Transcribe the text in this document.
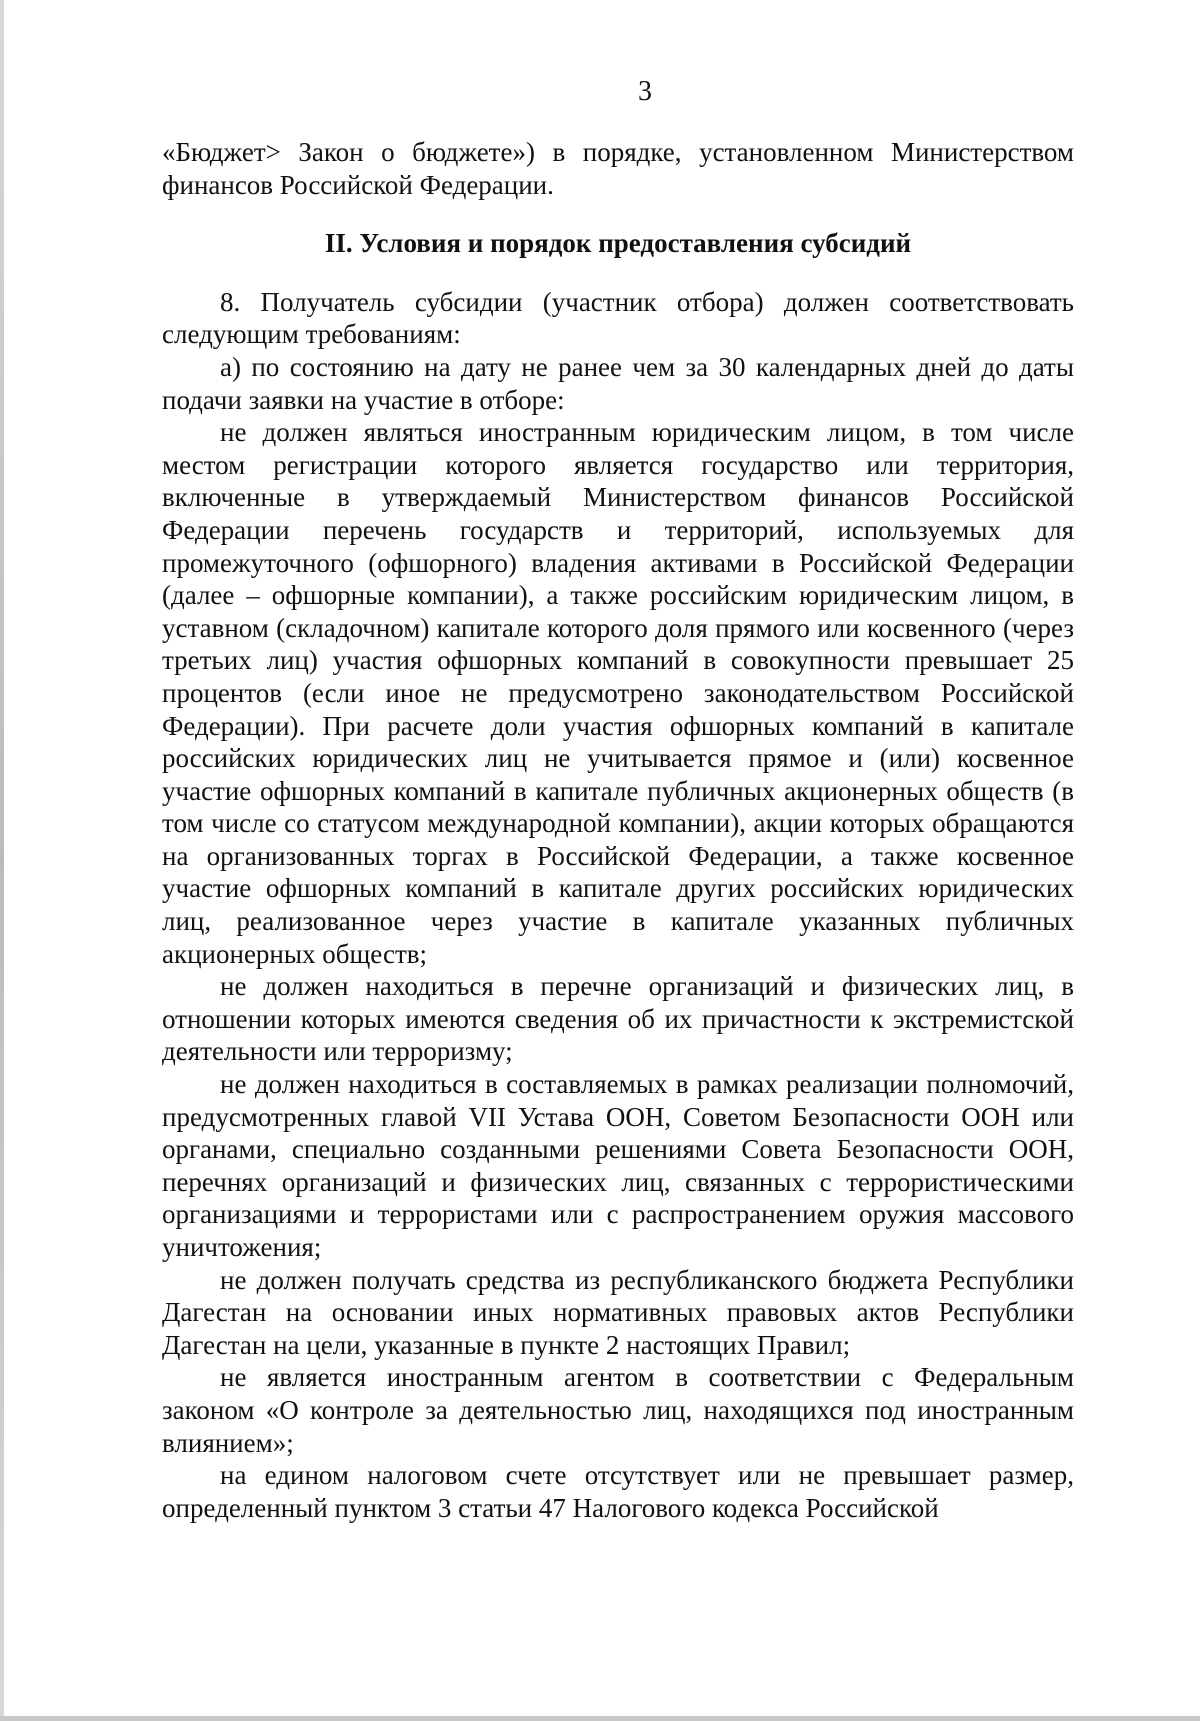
3

«Бюджет> Закон о бюджете») в порядке, установленном Министерством финансов Российской Федерации.

II. Условия и порядок предоставления субсидий

8. Получатель субсидии (участник отбора) должен соответствовать следующим требованиям:

а) по состоянию на дату не ранее чем за 30 календарных дней до даты подачи заявки на участие в отборе:

не должен являться иностранным юридическим лицом, в том числе местом регистрации которого является государство или территория, включенные в утверждаемый Министерством финансов Российской Федерации перечень государств и территорий, используемых для промежуточного (офшорного) владения активами в Российской Федерации (далее – офшорные компании), а также российским юридическим лицом, в уставном (складочном) капитале которого доля прямого или косвенного (через третьих лиц) участия офшорных компаний в совокупности превышает 25 процентов (если иное не предусмотрено законодательством Российской Федерации). При расчете доли участия офшорных компаний в капитале российских юридических лиц не учитывается прямое и (или) косвенное участие офшорных компаний в капитале публичных акционерных обществ (в том числе со статусом международной компании), акции которых обращаются на организованных торгах в Российской Федерации, а также косвенное участие офшорных компаний в капитале других российских юридических лиц, реализованное через участие в капитале указанных публичных акционерных обществ;

не должен находиться в перечне организаций и физических лиц, в отношении которых имеются сведения об их причастности к экстремистской деятельности или терроризму;

не должен находиться в составляемых в рамках реализации полномочий, предусмотренных главой VII Устава ООН, Советом Безопасности ООН или органами, специально созданными решениями Совета Безопасности ООН, перечнях организаций и физических лиц, связанных с террористическими организациями и террористами или с распространением оружия массового уничтожения;

не должен получать средства из республиканского бюджета Республики Дагестан на основании иных нормативных правовых актов Республики Дагестан на цели, указанные в пункте 2 настоящих Правил;

не является иностранным агентом в соответствии с Федеральным законом «О контроле за деятельностью лиц, находящихся под иностранным влиянием»;

на едином налоговом счете отсутствует или не превышает размер, определенный пунктом 3 статьи 47 Налогового кодекса Российской
